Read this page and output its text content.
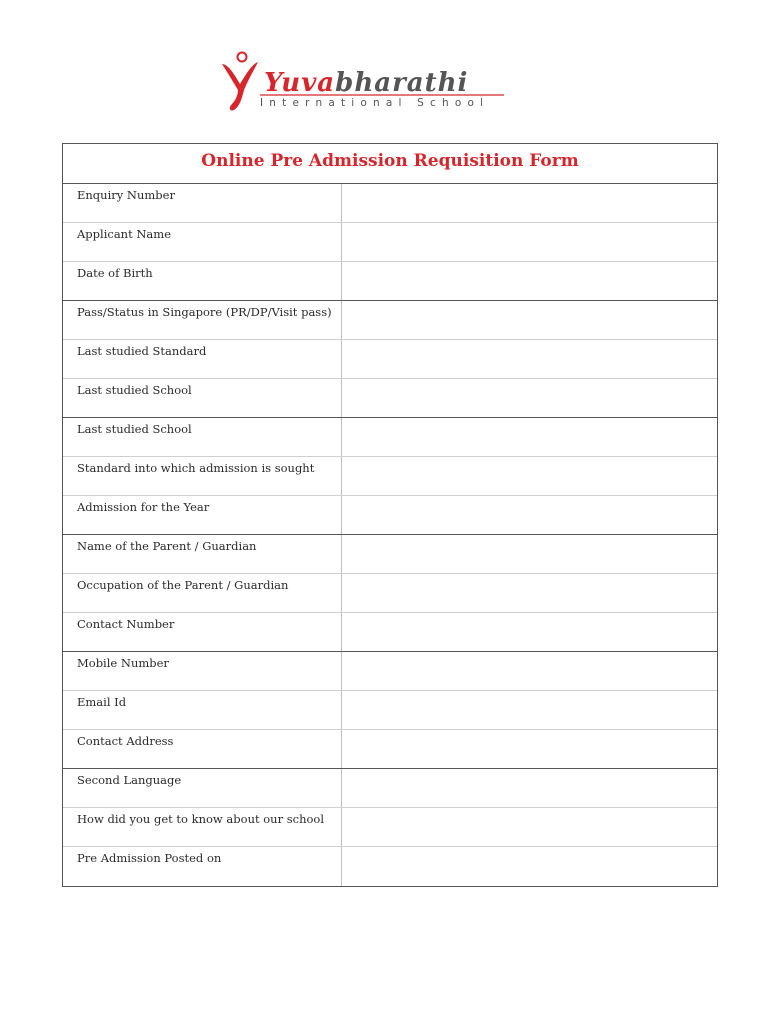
Yuvabharathi
International School
Online Pre Admission Requisition Form
Enquiry Number
Applicant Name
Date of Birth
Pass/Status in Singapore (PR/DP/Visit pass)
Last studied Standard
Last studied School
Last studied School
Standard into which admission is sought
Admission for the Year
Name of the Parent / Guardian
Occupation of the Parent / Guardian
Contact Number
Mobile Number
Email Id
Contact Address
Second Language
How did you get to know about our school
Pre Admission Posted on
